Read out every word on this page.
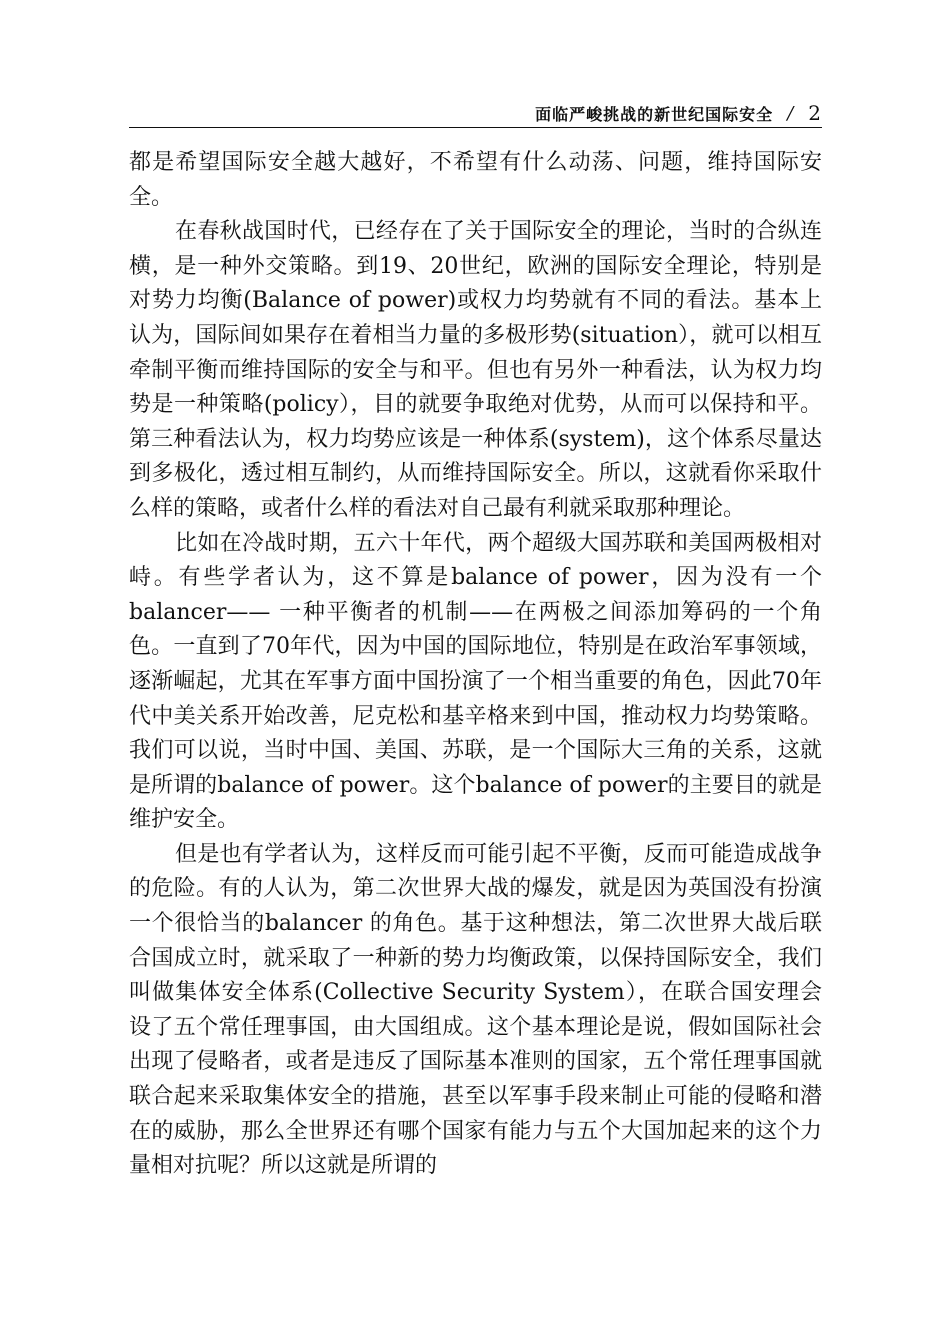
面临严峻挑战的新世纪国际安全 / 2

都是希望国际安全越大越好，不希望有什么动荡、问题，维持国际安全。

在春秋战国时代，已经存在了关于国际安全的理论，当时的合纵连横，是一种外交策略。到19、20世纪，欧洲的国际安全理论，特别是对势力均衡(Balance of power)或权力均势就有不同的看法。基本上认为，国际间如果存在着相当力量的多极形势(situation），就可以相互牵制平衡而维持国际的安全与和平。但也有另外一种看法，认为权力均势是一种策略(policy），目的就要争取绝对优势，从而可以保持和平。第三种看法认为，权力均势应该是一种体系(system)，这个体系尽量达到多极化，透过相互制约，从而维持国际安全。所以，这就看你采取什么样的策略，或者什么样的看法对自己最有利就采取那种理论。

比如在冷战时期，五六十年代，两个超级大国苏联和美国两极相对峙。有些学者认为，这不算是balance of power，因为没有一个balancer—— 一种平衡者的机制——在两极之间添加筹码的一个角色。一直到了70年代，因为中国的国际地位，特别是在政治军事领域，逐渐崛起，尤其在军事方面中国扮演了一个相当重要的角色，因此70年代中美关系开始改善，尼克松和基辛格来到中国，推动权力均势策略。我们可以说，当时中国、美国、苏联，是一个国际大三角的关系，这就是所谓的balance of power。这个balance of power的主要目的就是维护安全。

但是也有学者认为，这样反而可能引起不平衡，反而可能造成战争的危险。有的人认为，第二次世界大战的爆发，就是因为英国没有扮演一个很恰当的balancer 的角色。基于这种想法，第二次世界大战后联合国成立时，就采取了一种新的势力均衡政策，以保持国际安全，我们叫做集体安全体系(Collective Security System），在联合国安理会设了五个常任理事国，由大国组成。这个基本理论是说，假如国际社会出现了侵略者，或者是违反了国际基本准则的国家，五个常任理事国就联合起来采取集体安全的措施，甚至以军事手段来制止可能的侵略和潜在的威胁，那么全世界还有哪个国家有能力与五个大国加起来的这个力量相对抗呢？所以这就是所谓的
